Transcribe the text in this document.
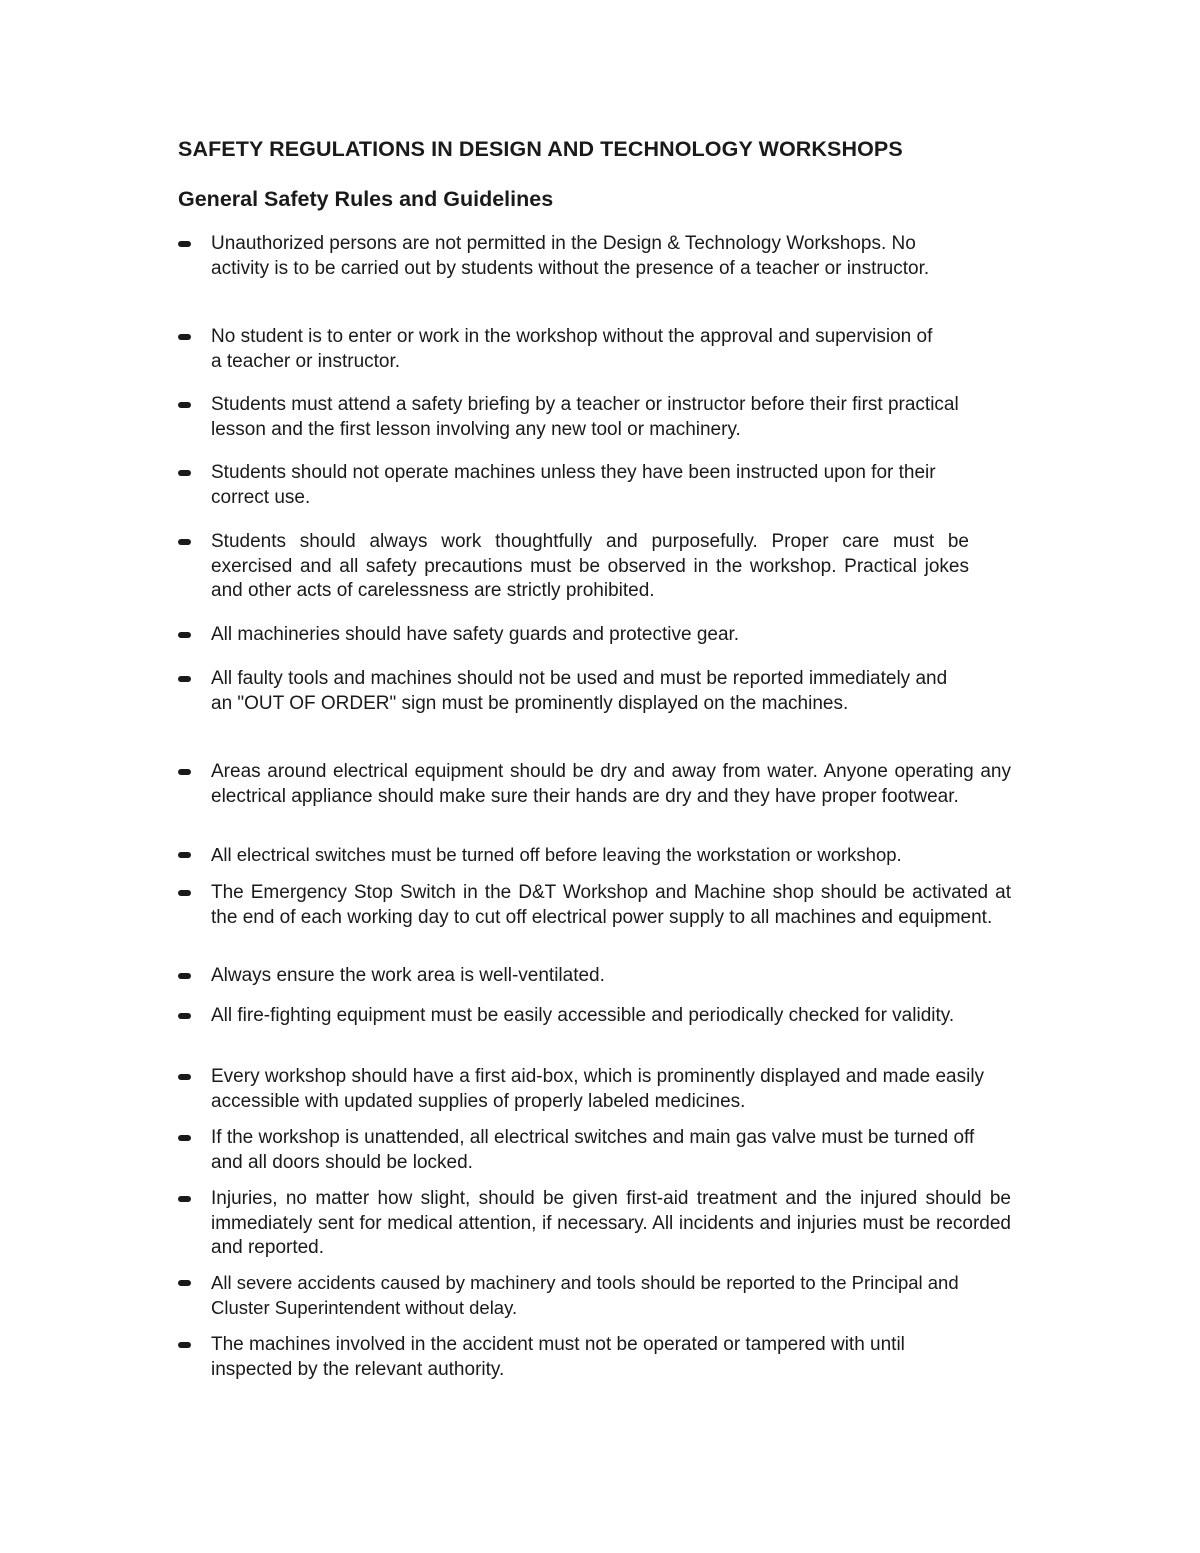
SAFETY REGULATIONS IN DESIGN AND TECHNOLOGY WORKSHOPS
General Safety Rules and Guidelines
Unauthorized persons are not permitted in the Design & Technology Workshops. No activity is to be carried out by students without the presence of a teacher or instructor.
No student is to enter or work in the workshop without the approval and supervision of a teacher or instructor.
Students must attend a safety briefing by a teacher or instructor before their first practical lesson and the first lesson involving any new tool or machinery.
Students should not operate machines unless they have been instructed upon for their correct use.
Students should always work thoughtfully and purposefully. Proper care must be exercised and all safety precautions must be observed in the workshop. Practical jokes and other acts of carelessness are strictly prohibited.
All machineries should have safety guards and protective gear.
All faulty tools and machines should not be used and must be reported immediately and an "OUT OF ORDER" sign must be prominently displayed on the machines.
Areas around electrical equipment should be dry and away from water. Anyone operating any electrical appliance should make sure their hands are dry and they have proper footwear.
All electrical switches must be turned off before leaving the workstation or workshop.
The Emergency Stop Switch in the D&T Workshop and Machine shop should be activated at the end of each working day to cut off electrical power supply to all machines and equipment.
Always ensure the work area is well-ventilated.
All fire-fighting equipment must be easily accessible and periodically checked for validity.
Every workshop should have a first aid-box, which is prominently displayed and made easily accessible with updated supplies of properly labeled medicines.
If the workshop is unattended, all electrical switches and main gas valve must be turned off and all doors should be locked.
Injuries, no matter how slight, should be given first-aid treatment and the injured should be immediately sent for medical attention, if necessary. All incidents and injuries must be recorded and reported.
All severe accidents caused by machinery and tools should be reported to the Principal and Cluster Superintendent without delay.
The machines involved in the accident must not be operated or tampered with until inspected by the relevant authority.
